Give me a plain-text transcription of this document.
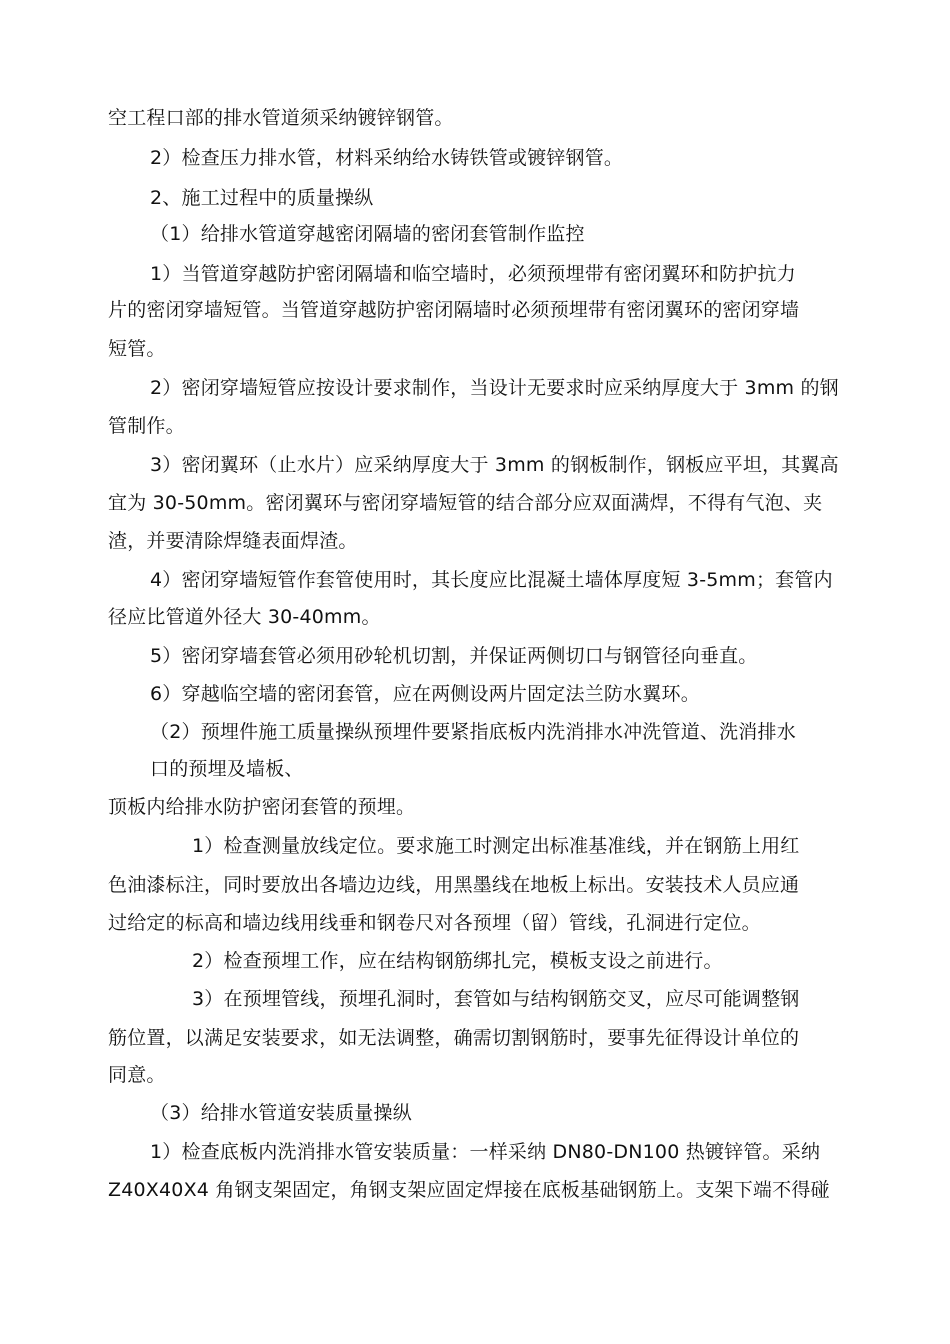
空工程口部的排水管道须采纳镀锌钢管。
2）检查压力排水管，材料采纳给水铸铁管或镀锌钢管。
2、施工过程中的质量操纵
（1）给排水管道穿越密闭隔墙的密闭套管制作监控
1）当管道穿越防护密闭隔墙和临空墙时，必须预埋带有密闭翼环和防护抗力
片的密闭穿墙短管。当管道穿越防护密闭隔墙时必须预埋带有密闭翼环的密闭穿墙
短管。
2）密闭穿墙短管应按设计要求制作，当设计无要求时应采纳厚度大于 3mm 的钢
管制作。
3）密闭翼环（止水片）应采纳厚度大于 3mm 的钢板制作，钢板应平坦，其翼高
宜为 30-50mm。密闭翼环与密闭穿墙短管的结合部分应双面满焊，不得有气泡、夹
渣，并要清除焊缝表面焊渣。
4）密闭穿墙短管作套管使用时，其长度应比混凝土墙体厚度短 3-5mm；套管内
径应比管道外径大 30-40mm。
5）密闭穿墙套管必须用砂轮机切割，并保证两侧切口与钢管径向垂直。
6）穿越临空墙的密闭套管，应在两侧设两片固定法兰防水翼环。
（2）预埋件施工质量操纵预埋件要紧指底板内洗消排水冲洗管道、洗消排水
口的预埋及墙板、
顶板内给排水防护密闭套管的预埋。
1）检查测量放线定位。要求施工时测定出标准基准线，并在钢筋上用红
色油漆标注，同时要放出各墙边边线，用黑墨线在地板上标出。安装技术人员应通
过给定的标高和墙边线用线垂和钢卷尺对各预埋（留）管线，孔洞进行定位。
2）检查预埋工作，应在结构钢筋绑扎完，模板支设之前进行。
3）在预埋管线，预埋孔洞时，套管如与结构钢筋交叉，应尽可能调整钢
筋位置，以满足安装要求，如无法调整，确需切割钢筋时，要事先征得设计单位的
同意。
（3）给排水管道安装质量操纵
1）检查底板内洗消排水管安装质量：一样采纳 DN80-DN100 热镀锌管。采纳
Z40X40X4 角钢支架固定，角钢支架应固定焊接在底板基础钢筋上。支架下端不得碰
